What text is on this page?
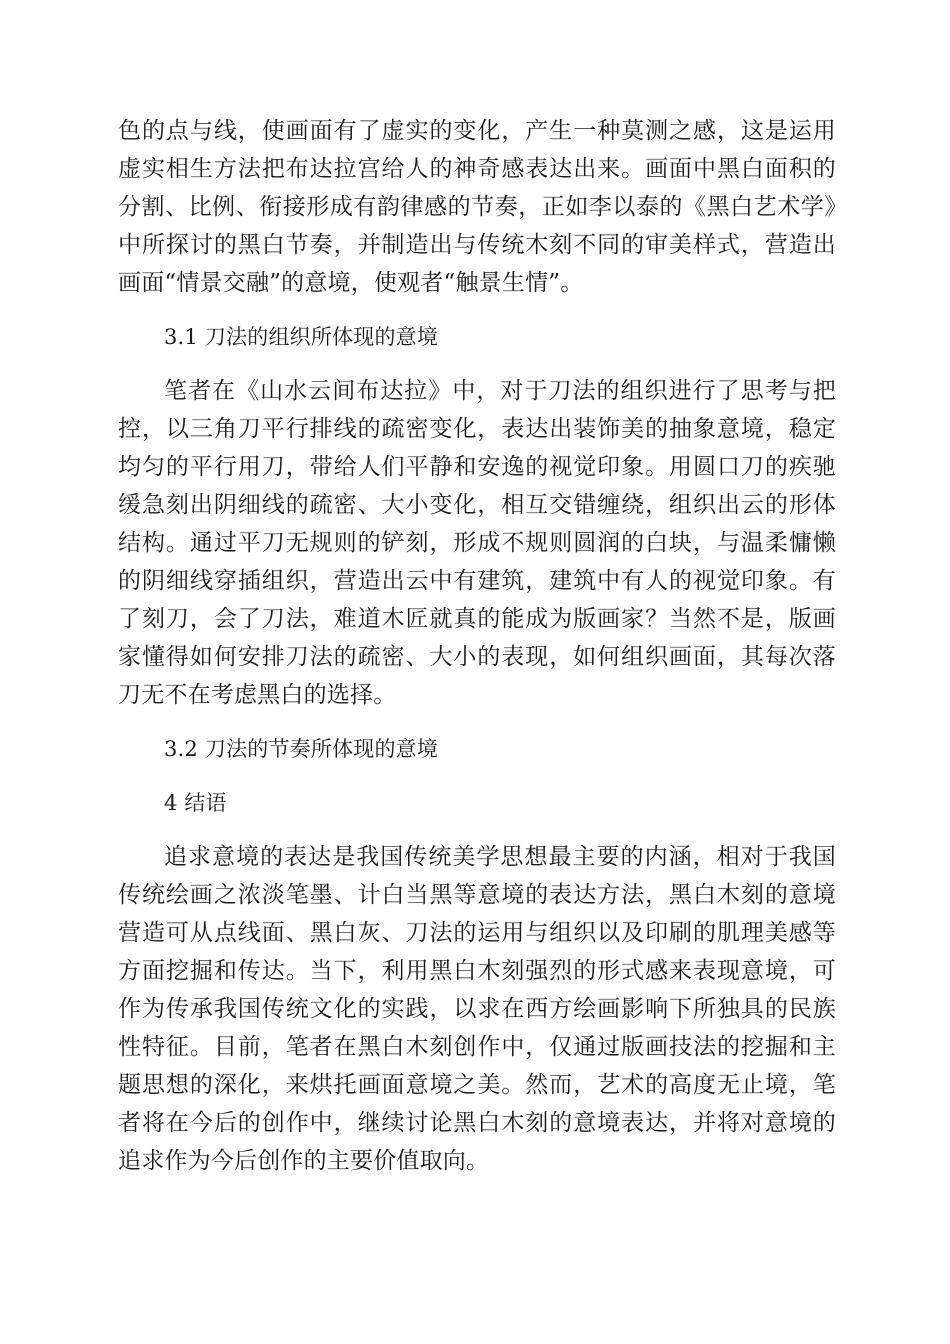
色的点与线，使画面有了虚实的变化，产生一种莫测之感，这是运用虚实相生方法把布达拉宫给人的神奇感表达出来。画面中黑白面积的分割、比例、衔接形成有韵律感的节奏，正如李以泰的《黑白艺术学》中所探讨的黑白节奏，并制造出与传统木刻不同的审美样式，营造出画面“情景交融”的意境，使观者“触景生情”。

3.1 刀法的组织所体现的意境

笔者在《山水云间布达拉》中，对于刀法的组织进行了思考与把控，以三角刀平行排线的疏密变化，表达出装饰美的抽象意境，稳定均匀的平行用刀，带给人们平静和安逸的视觉印象。用圆口刀的疾驰缓急刻出阴细线的疏密、大小变化，相互交错缠绕，组织出云的形体结构。通过平刀无规则的铲刻，形成不规则圆润的白块，与温柔慵懒的阴细线穿插组织，营造出云中有建筑，建筑中有人的视觉印象。有了刻刀，会了刀法，难道木匠就真的能成为版画家？当然不是，版画家懂得如何安排刀法的疏密、大小的表现，如何组织画面，其每次落刀无不在考虑黑白的选择。

3.2 刀法的节奏所体现的意境

4 结语

追求意境的表达是我国传统美学思想最主要的内涵，相对于我国传统绘画之浓淡笔墨、计白当黑等意境的表达方法，黑白木刻的意境营造可从点线面、黑白灰、刀法的运用与组织以及印刷的肌理美感等方面挖掘和传达。当下，利用黑白木刻强烈的形式感来表现意境，可作为传承我国传统文化的实践，以求在西方绘画影响下所独具的民族性特征。目前，笔者在黑白木刻创作中，仅通过版画技法的挖掘和主题思想的深化，来烘托画面意境之美。然而，艺术的高度无止境，笔者将在今后的创作中，继续讨论黑白木刻的意境表达，并将对意境的追求作为今后创作的主要价值取向。
